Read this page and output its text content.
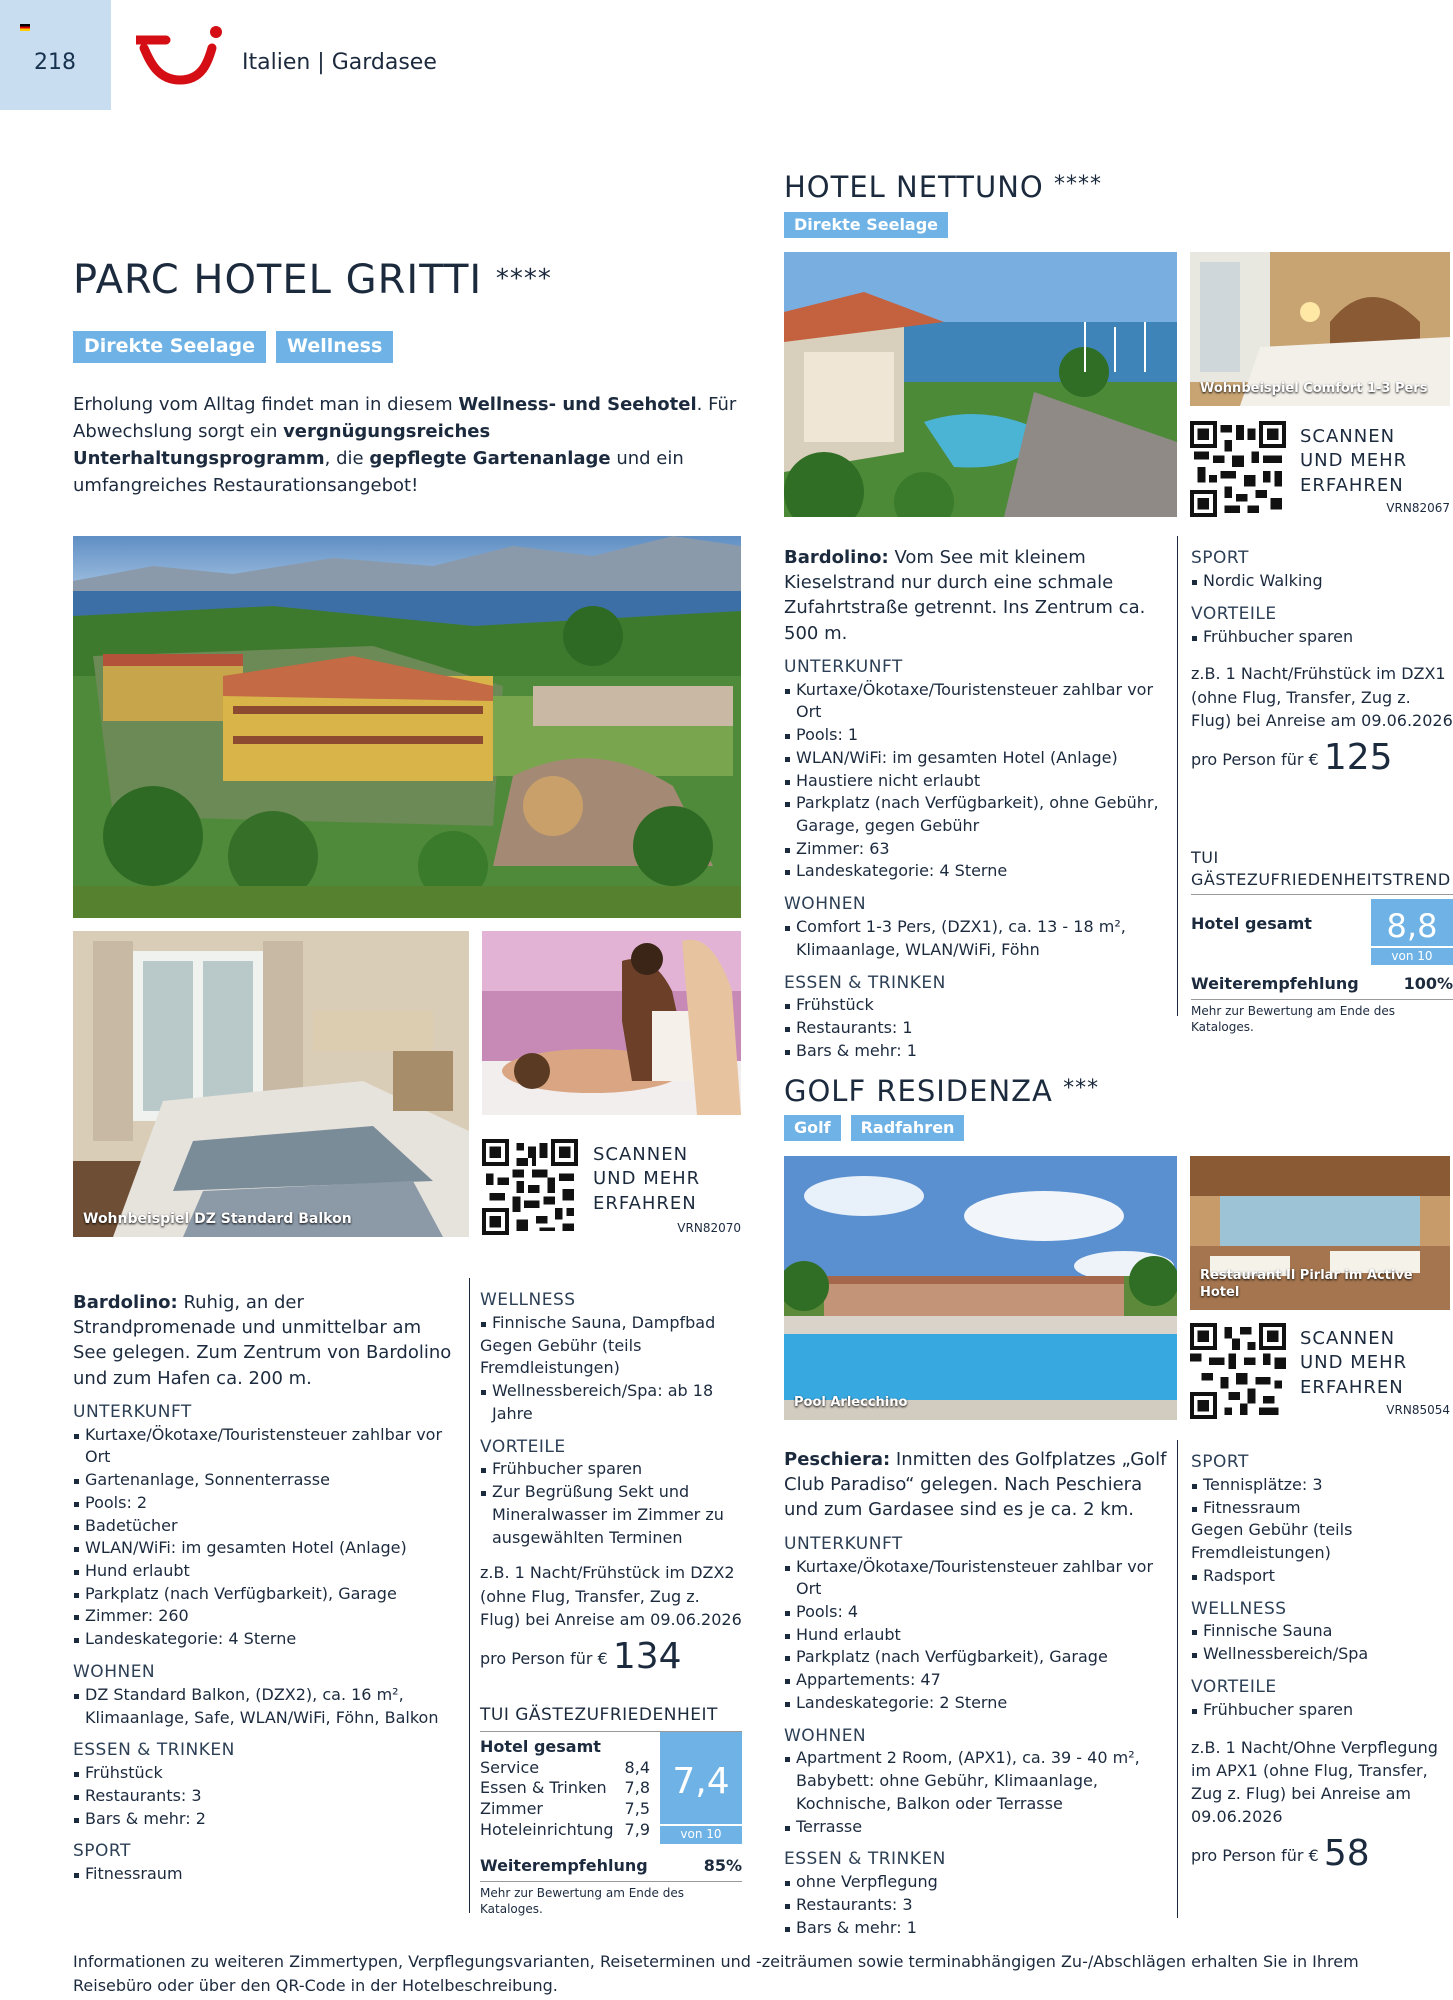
218	Italien | Gardasee
PARC HOTEL GRITTI ****
Direkte Seelage Wellness

Erholung vom Alltag findet man in diesem Wellness- und Seehotel. Für Abwechslung sorgt ein vergnügungsreiches Unterhaltungsprogramm, die gepflegte Gartenanlage und ein umfangreiches Restaurationsangebot!

Wohnbeispiel DZ Standard Balkon
SCANNEN
UND MEHR
ERFAHREN
VRN82070
Bardolino: Ruhig, an der Strandpromenade und unmittelbar am See gelegen. Zum Zentrum von Bardolino und zum Hafen ca. 200 m.
UNTERKUNFT
Kurtaxe/Ökotaxe/Touristensteuer zahlbar vor Ort
Gartenanlage, Sonnenterrasse
Pools: 2
Badetücher
WLAN/WiFi: im gesamten Hotel (Anlage)
Hund erlaubt
Parkplatz (nach Verfügbarkeit), Garage
Zimmer: 260
Landeskategorie: 4 Sterne
WOHNEN
DZ Standard Balkon, (DZX2), ca. 16 m², Klimaanlage, Safe, WLAN/WiFi, Föhn, Balkon
ESSEN & TRINKEN
Frühstück
Restaurants: 3
Bars & mehr: 2
SPORT
Fitnessraum
WELLNESS
Finnische Sauna, Dampfbad
Gegen Gebühr (teils Fremdleistungen)
Wellnessbereich/Spa: ab 18 Jahre
VORTEILE
Frühbucher sparen
Zur Begrüßung Sekt und Mineralwasser im Zimmer zu ausgewählten Terminen
z.B. 1 Nacht/Frühstück im DZX2 (ohne Flug, Transfer, Zug z. Flug) bei Anreise am 09.06.2026
pro Person für € 134
TUI GÄSTEZUFRIEDENHEIT
Hotel gesamt
Service	8,4
Essen & Trinken 7,8
Zimmer	7,5
Hoteleinrichtung 7,9
7,4
von 10
Weiterempfehlung	85%
Mehr zur Bewertung am Ende des Kataloges.
HOTEL NETTUNO ****
Direkte Seelage
Wohnbeispiel Comfort 1-3 Pers
SCANNEN
UND MEHR
ERFAHREN
VRN82067
Bardolino: Vom See mit kleinem Kieselstrand nur durch eine schmale Zufahrtstraße getrennt. Ins Zentrum ca. 500 m.
UNTERKUNFT
Kurtaxe/Ökotaxe/Touristensteuer zahlbar vor Ort
Pools: 1
WLAN/WiFi: im gesamten Hotel (Anlage)
Haustiere nicht erlaubt
Parkplatz (nach Verfügbarkeit), ohne Gebühr, Garage, gegen Gebühr
Zimmer: 63
Landeskategorie: 4 Sterne
WOHNEN
Comfort 1-3 Pers, (DZX1), ca. 13 - 18 m², Klimaanlage, WLAN/WiFi, Föhn
ESSEN & TRINKEN
Frühstück
Restaurants: 1
Bars & mehr: 1
SPORT
Nordic Walking
VORTEILE
Frühbucher sparen
z.B. 1 Nacht/Frühstück im DZX1 (ohne Flug, Transfer, Zug z. Flug) bei Anreise am 09.06.2026
pro Person für € 125
TUI GÄSTEZUFRIEDENHEITSTREND
Hotel gesamt	8,8
von 10
Weiterempfehlung	100%
Mehr zur Bewertung am Ende des Kataloges.
GOLF RESIDENZA ***
Golf Radfahren
Pool Arlecchino
Restaurant Il Pirlar im Active Hotel
SCANNEN
UND MEHR
ERFAHREN
VRN85054
Peschiera: Inmitten des Golfplatzes „Golf Club Paradiso“ gelegen. Nach Peschiera und zum Gardasee sind es je ca. 2 km.
UNTERKUNFT
Kurtaxe/Ökotaxe/Touristensteuer zahlbar vor Ort
Pools: 4
Hund erlaubt
Parkplatz (nach Verfügbarkeit), Garage
Appartements: 47
Landeskategorie: 2 Sterne
WOHNEN
Apartment 2 Room, (APX1), ca. 39 - 40 m², Babybett: ohne Gebühr, Klimaanlage, Kochnische, Balkon oder Terrasse
Terrasse
ESSEN & TRINKEN
ohne Verpflegung
Restaurants: 3
Bars & mehr: 1
SPORT
Tennisplätze: 3
Fitnessraum
Gegen Gebühr (teils Fremdleistungen)
Radsport
WELLNESS
Finnische Sauna
Wellnessbereich/Spa
VORTEILE
Frühbucher sparen
z.B. 1 Nacht/Ohne Verpflegung im APX1 (ohne Flug, Transfer, Zug z. Flug) bei Anreise am 09.06.2026
pro Person für € 58
Informationen zu weiteren Zimmertypen, Verpflegungsvarianten, Reiseterminen und -zeiträumen sowie terminabhängigen Zu-/Abschlägen erhalten Sie in Ihrem Reisebüro oder über den QR-Code in der Hotelbeschreibung.
